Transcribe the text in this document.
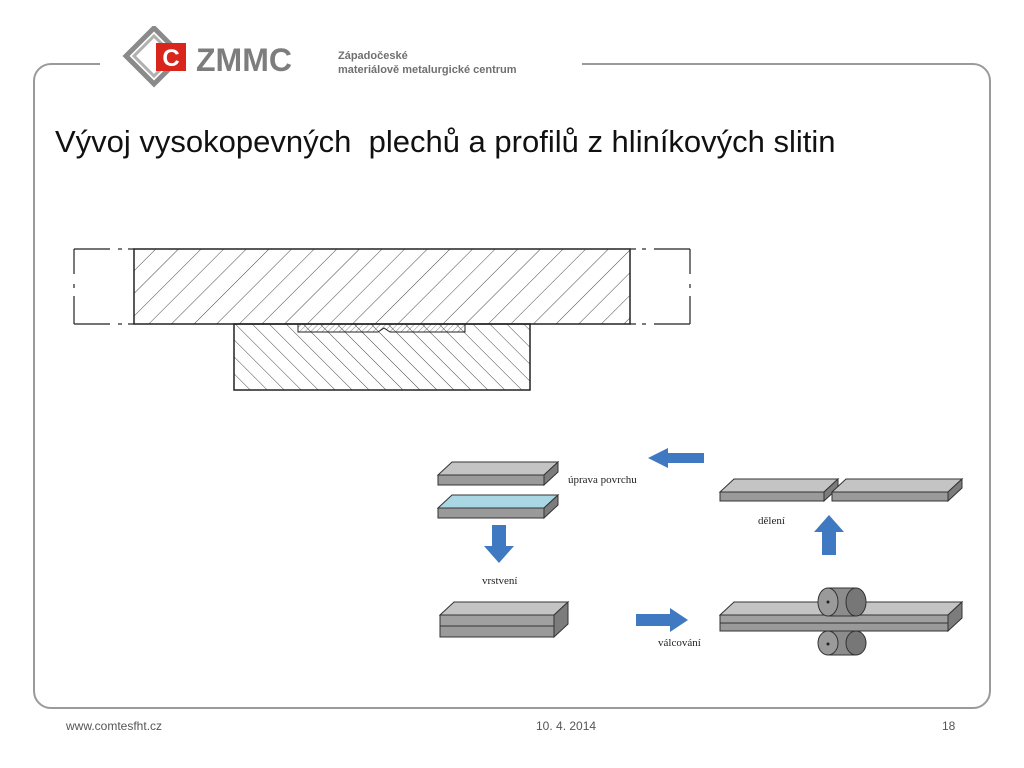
C ZMMC	Západočeské
materiálově metalurgické centrum
Vývoj vysokopevných  plechů a profilů z hliníkových slitin
úprava povrchu
vrstvení
válcování
dělení
www.comtesfht.cz	10. 4. 2014	18
